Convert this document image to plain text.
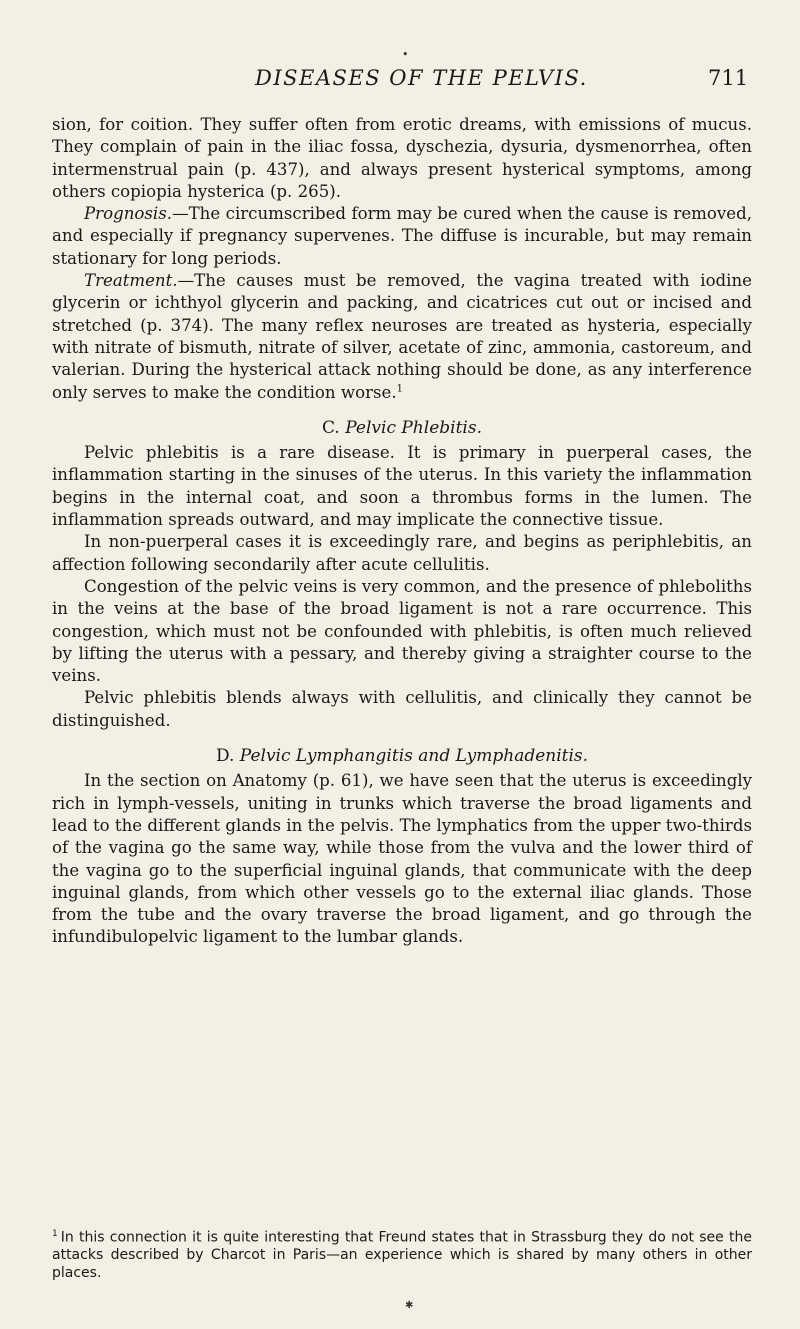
•
DISEASES OF THE PELVIS.	711

sion, for coition. They suffer often from erotic dreams, with emissions of mucus. They complain of pain in the iliac fossa, dyschezia, dysuria, dysmenorrhea, often intermenstrual pain (p. 437), and always present hysterical symptoms, among others copiopia hysterica (p. 265).

Prognosis.—The circumscribed form may be cured when the cause is removed, and especially if pregnancy supervenes. The diffuse is incurable, but may remain stationary for long periods.

Treatment.—The causes must be removed, the vagina treated with iodine glycerin or ichthyol glycerin and packing, and cicatrices cut out or incised and stretched (p. 374). The many reflex neuroses are treated as hysteria, especially with nitrate of bismuth, nitrate of silver, acetate of zinc, ammonia, castoreum, and valerian. During the hysterical attack nothing should be done, as any interference only serves to make the condition worse.$^1$

C. Pelvic Phlebitis.

Pelvic phlebitis is a rare disease. It is primary in puerperal cases, the inflammation starting in the sinuses of the uterus. In this variety the inflammation begins in the internal coat, and soon a thrombus forms in the lumen. The inflammation spreads outward, and may implicate the connective tissue.

In non-puerperal cases it is exceedingly rare, and begins as periphlebitis, an affection following secondarily after acute cellulitis.

Congestion of the pelvic veins is very common, and the presence of phleboliths in the veins at the base of the broad ligament is not a rare occurrence. This congestion, which must not be confounded with phlebitis, is often much relieved by lifting the uterus with a pessary, and thereby giving a straighter course to the veins.

Pelvic phlebitis blends always with cellulitis, and clinically they cannot be distinguished.

D. Pelvic Lymphangitis and Lymphadenitis.

In the section on Anatomy (p. 61), we have seen that the uterus is exceedingly rich in lymph-vessels, uniting in trunks which traverse the broad ligaments and lead to the different glands in the pelvis. The lymphatics from the upper two-thirds of the vagina go the same way, while those from the vulva and the lower third of the vagina go to the superficial inguinal glands, that communicate with the deep inguinal glands, from which other vessels go to the external iliac glands. Those from the tube and the ovary traverse the broad ligament, and go through the infundibulopelvic ligament to the lumbar glands.

$^1$ In this connection it is quite interesting that Freund states that in Strassburg they do not see the attacks described by Charcot in Paris—an experience which is shared by many others in other places.
✱
